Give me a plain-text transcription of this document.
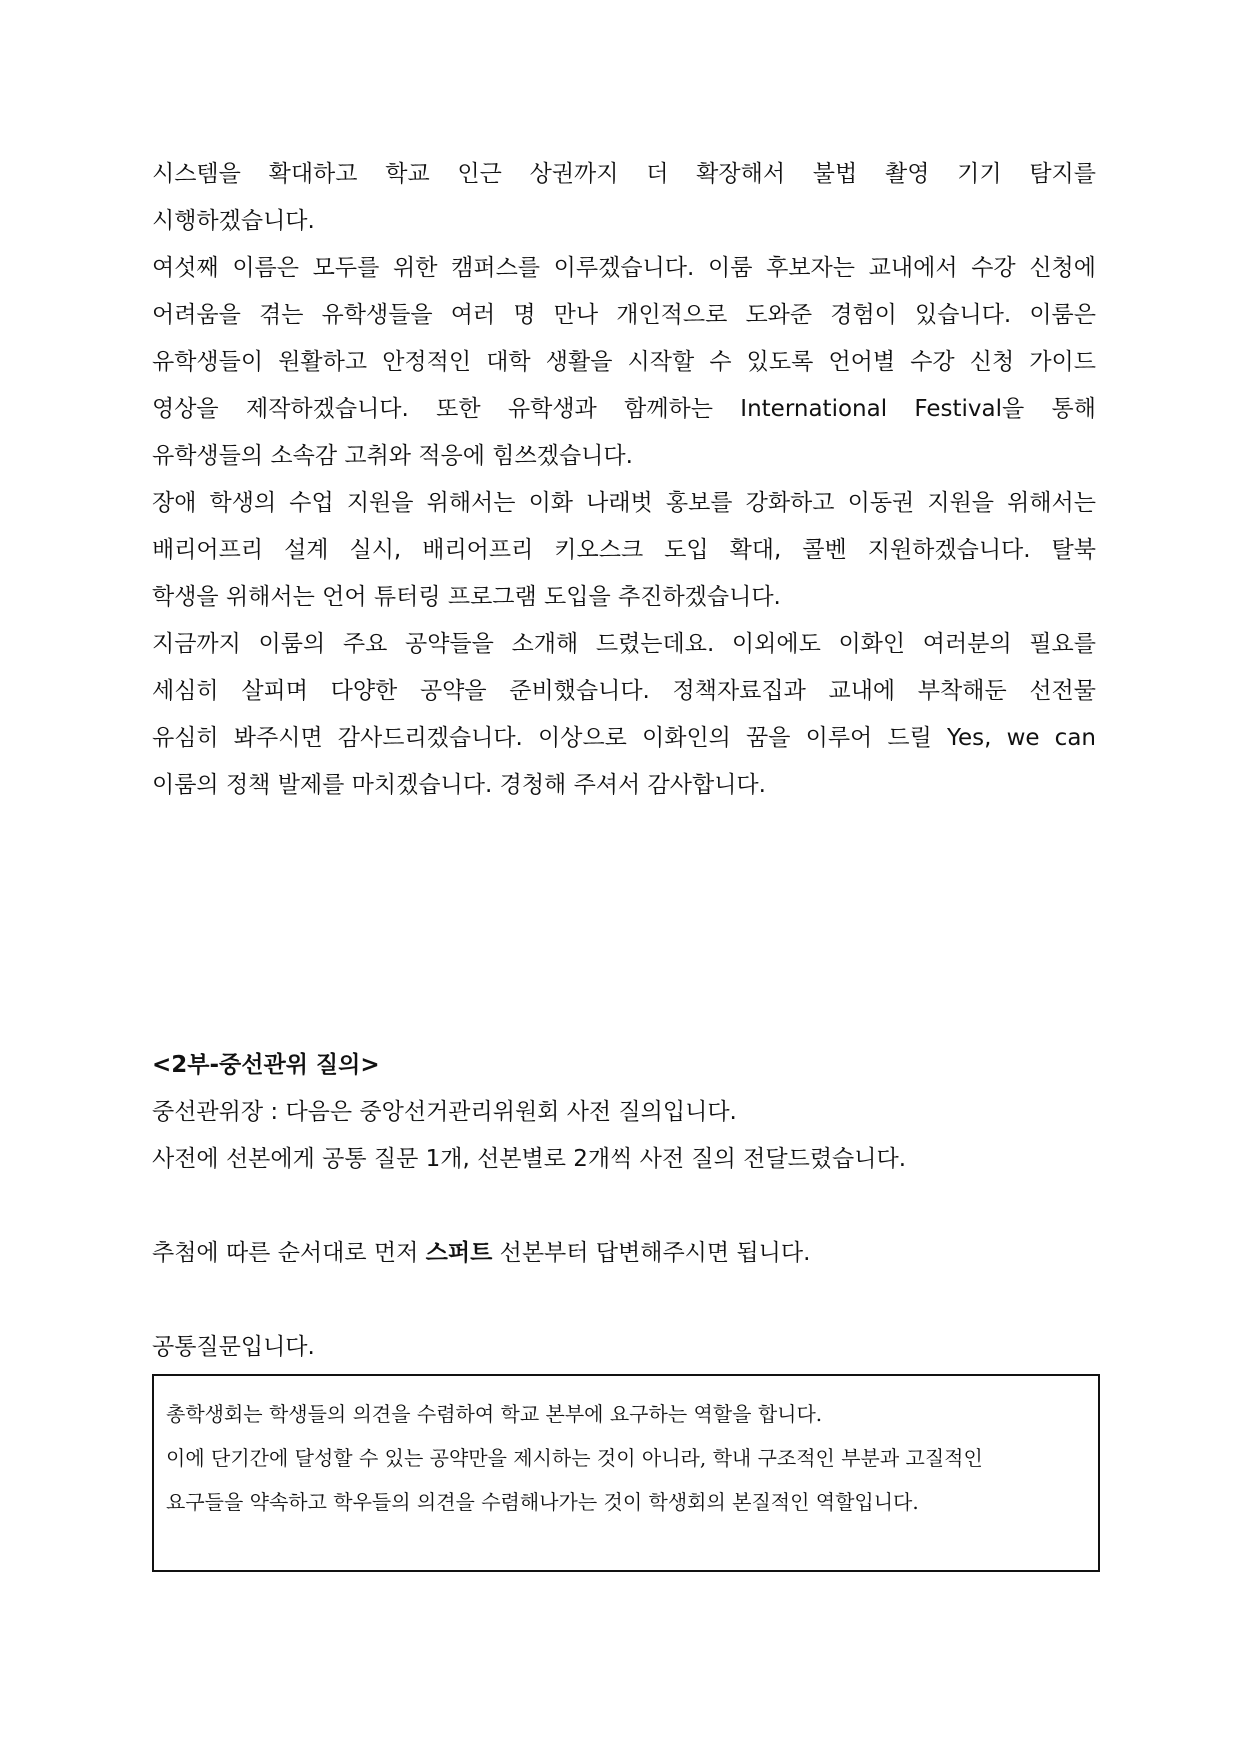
시스템을 확대하고 학교 인근 상권까지 더 확장해서 불법 촬영 기기 탐지를

시행하겠습니다.

여섯째 이름은 모두를 위한 캠퍼스를 이루겠습니다. 이룸 후보자는 교내에서 수강 신청에

어려움을 겪는 유학생들을 여러 명 만나 개인적으로 도와준 경험이 있습니다. 이룸은

유학생들이 원활하고 안정적인 대학 생활을 시작할 수 있도록 언어별 수강 신청 가이드

영상을 제작하겠습니다. 또한 유학생과 함께하는 International Festival을 통해

유학생들의 소속감 고취와 적응에 힘쓰겠습니다.

장애 학생의 수업 지원을 위해서는 이화 나래벗 홍보를 강화하고 이동권 지원을 위해서는

배리어프리 설계 실시, 배리어프리 키오스크 도입 확대, 콜벤 지원하겠습니다. 탈북

학생을 위해서는 언어 튜터링 프로그램 도입을 추진하겠습니다.

지금까지 이룸의 주요 공약들을 소개해 드렸는데요. 이외에도 이화인 여러분의 필요를

세심히 살피며 다양한 공약을 준비했습니다. 정책자료집과 교내에 부착해둔 선전물

유심히 봐주시면 감사드리겠습니다. 이상으로 이화인의 꿈을 이루어 드릴 Yes, we can

이룸의 정책 발제를 마치겠습니다. 경청해 주셔서 감사합니다.

<2부-중선관위 질의>

중선관위장 : 다음은 중앙선거관리위원회 사전 질의입니다.

사전에 선본에게 공통 질문 1개, 선본별로 2개씩 사전 질의 전달드렸습니다.

추첨에 따른 순서대로 먼저 스퍼트 선본부터 답변해주시면 됩니다.

공통질문입니다.

총학생회는 학생들의 의견을 수렴하여 학교 본부에 요구하는 역할을 합니다.

이에 단기간에 달성할 수 있는 공약만을 제시하는 것이 아니라, 학내 구조적인 부분과 고질적인

요구들을 약속하고 학우들의 의견을 수렴해나가는 것이 학생회의 본질적인 역할입니다.
